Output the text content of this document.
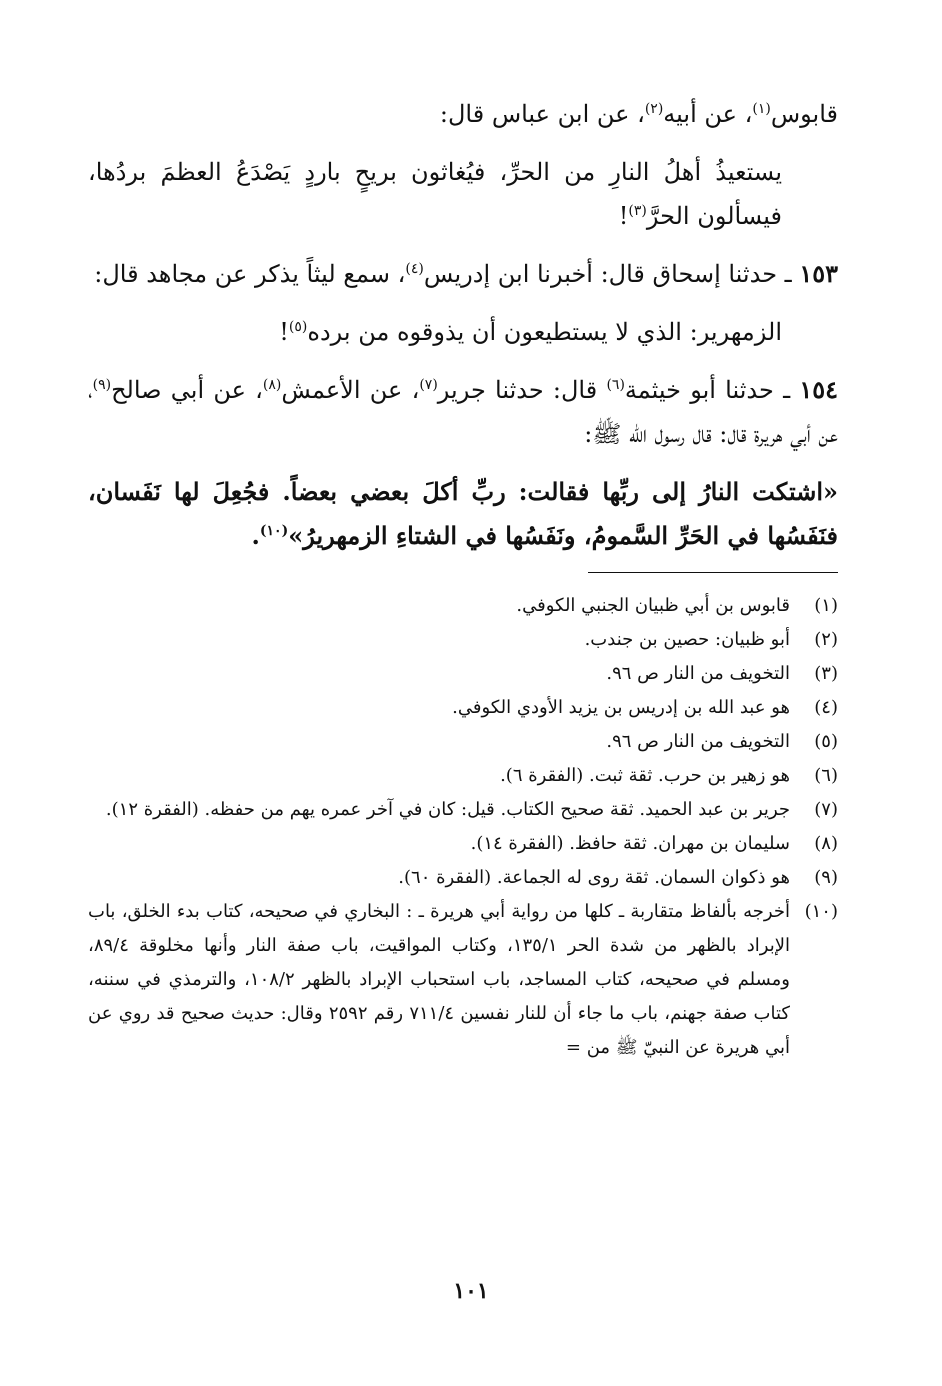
قابوس$^{(١)}$، عن أبيه$^{(٢)}$، عن ابن عباس قال:

يستعيذُ أهلُ النارِ من الحرِّ، فيُغاثون بريحٍ باردٍ يَصْدَعُ العظمَ بردُها، فيسألون الحرَّ$^{(٣)}$!

١٥٣ ـ حدثنا إسحاق قال: أخبرنا ابن إدريس$^{(٤)}$، سمع ليثاً يذكر عن مجاهد قال:

الزمهرير: الذي لا يستطيعون أن يذوقوه من برده$^{(٥)}$!

١٥٤ ـ حدثنا أبو خيثمة$^{(٦)}$ قال: حدثنا جرير$^{(٧)}$، عن الأعمش$^{(٨)}$، عن أبي صالح$^{(٩)}$، عن أبي هريرة قال: قال رسول الله ﷺ:

«اشتكت النارُ إلى ربِّها فقالت: ربِّ أكلَ بعضي بعضاً. فجُعِلَ لها نَفَسان، فنَفَسُها في الحَرِّ السَّمومُ، ونَفَسُها في الشتاءِ الزمهريرُ»$^{(١٠)}$.

(١)
قابوس بن أبي ظبيان الجنبي الكوفي.
(٢)
أبو ظبيان: حصين بن جندب.
(٣)
التخويف من النار ص ٩٦.
(٤)
هو عبد الله بن إدريس بن يزيد الأودي الكوفي.
(٥)
التخويف من النار ص ٩٦.
(٦)
هو زهير بن حرب. ثقة ثبت. (الفقرة ٦).
(٧)
جرير بن عبد الحميد. ثقة صحيح الكتاب. قيل: كان في آخر عمره يهم من حفظه. (الفقرة ١٢).
(٨)
سليمان بن مهران. ثقة حافظ. (الفقرة ١٤).
(٩)
هو ذكوان السمان. ثقة روى له الجماعة. (الفقرة ٦٠).
(١٠)
أخرجه بألفاظ متقاربة ـ كلها من رواية أبي هريرة ـ : البخاري في صحيحه، كتاب بدء الخلق، باب الإبراد بالظهر من شدة الحر ١٣٥/١، وكتاب المواقيت، باب صفة النار وأنها مخلوقة ٨٩/٤، ومسلم في صحيحه، كتاب المساجد، باب استحباب الإبراد بالظهر ١٠٨/٢، والترمذي في سننه، كتاب صفة جهنم، باب ما جاء أن للنار نفسين ٧١١/٤ رقم ٢٥٩٢ وقال: حديث صحيح قد روي عن أبي هريرة عن النبيّ ﷺ من =
١٠١
